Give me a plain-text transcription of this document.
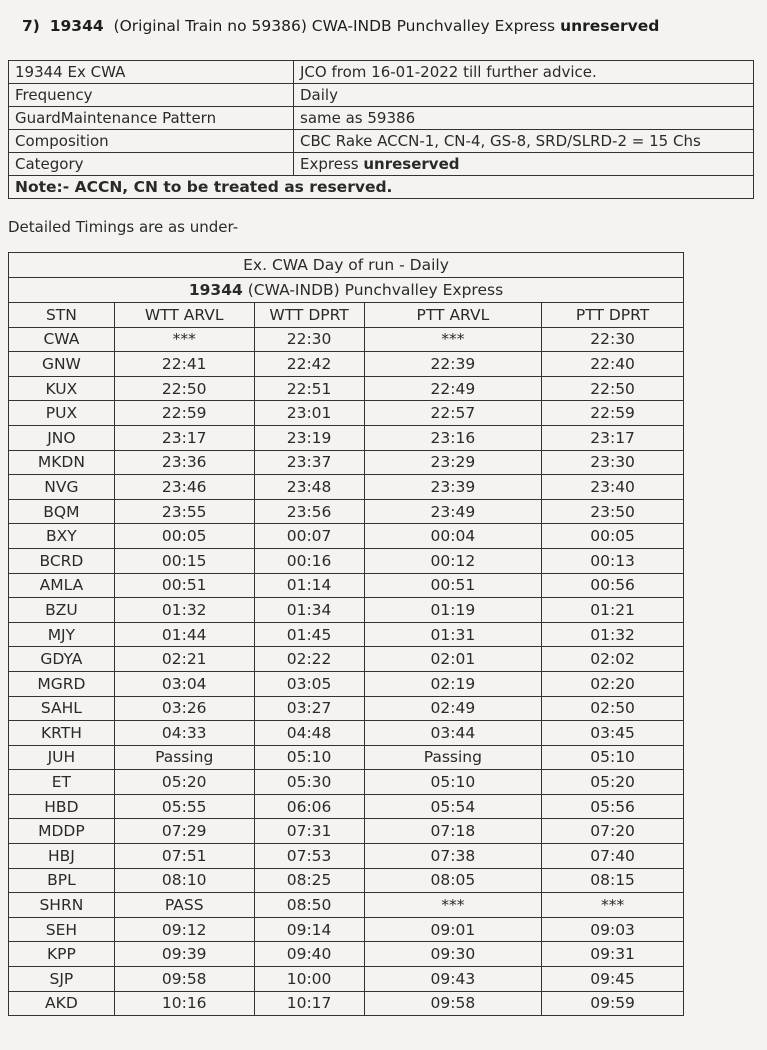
7) 19344 (Original Train no 59386) CWA-INDB Punchvalley Express unreserved
19344 Ex CWA	JCO from 16-01-2022 till further advice.
Frequency	Daily
GuardMaintenance Pattern	same as 59386
Composition	CBC Rake ACCN-1, CN-4, GS-8, SRD/SLRD-2 = 15 Chs
Category	Express unreserved
Note:- ACCN, CN to be treated as reserved.	
Detailed Timings are as under-
Ex. CWA Day of run - Daily				
19344 (CWA-INDB) Punchvalley Express				
STN	WTT ARVL	WTT DPRT	PTT ARVL	PTT DPRT
CWA	***	22:30	***	22:30
GNW	22:41	22:42	22:39	22:40
KUX	22:50	22:51	22:49	22:50
PUX	22:59	23:01	22:57	22:59
JNO	23:17	23:19	23:16	23:17
MKDN	23:36	23:37	23:29	23:30
NVG	23:46	23:48	23:39	23:40
BQM	23:55	23:56	23:49	23:50
BXY	00:05	00:07	00:04	00:05
BCRD	00:15	00:16	00:12	00:13
AMLA	00:51	01:14	00:51	00:56
BZU	01:32	01:34	01:19	01:21
MJY	01:44	01:45	01:31	01:32
GDYA	02:21	02:22	02:01	02:02
MGRD	03:04	03:05	02:19	02:20
SAHL	03:26	03:27	02:49	02:50
KRTH	04:33	04:48	03:44	03:45
JUH	Passing	05:10	Passing	05:10
ET	05:20	05:30	05:10	05:20
HBD	05:55	06:06	05:54	05:56
MDDP	07:29	07:31	07:18	07:20
HBJ	07:51	07:53	07:38	07:40
BPL	08:10	08:25	08:05	08:15
SHRN	PASS	08:50	***	***
SEH	09:12	09:14	09:01	09:03
KPP	09:39	09:40	09:30	09:31
SJP	09:58	10:00	09:43	09:45
AKD	10:16	10:17	09:58	09:59
